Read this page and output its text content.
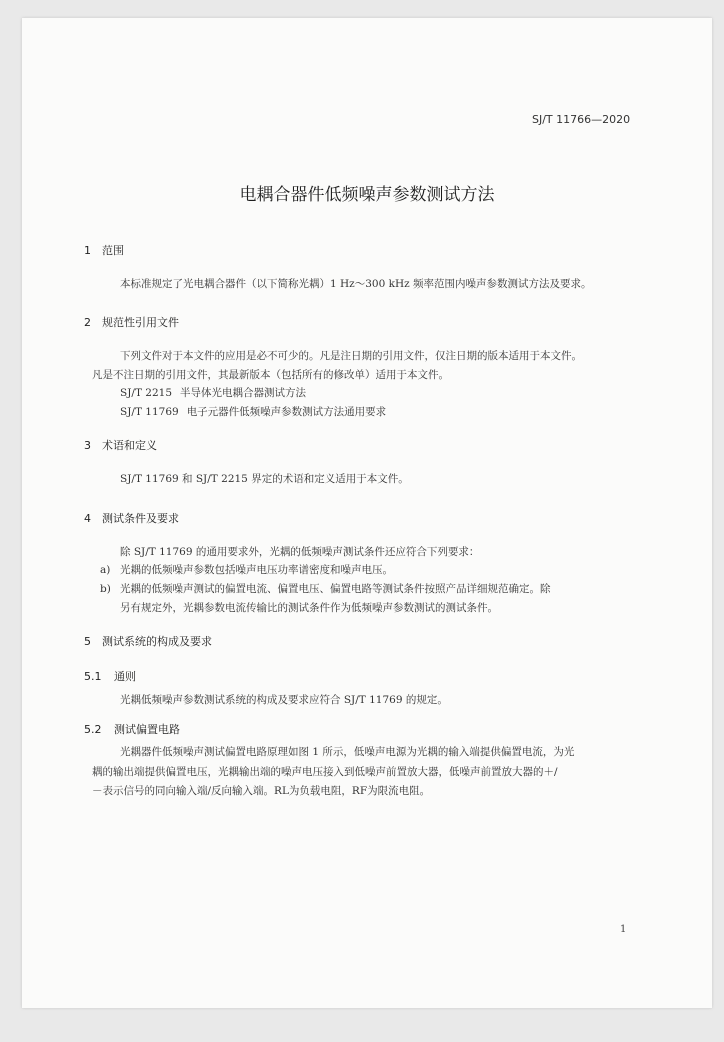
SJ/T 11766—2020
电耦合器件低频噪声参数测试方法
1 范围
本标准规定了光电耦合器件（以下简称光耦）1 Hz～300 kHz 频率范围内噪声参数测试方法及要求。
2 规范性引用文件
下列文件对于本文件的应用是必不可少的。凡是注日期的引用文件，仅注日期的版本适用于本文件。
凡是不注日期的引用文件，其最新版本（包括所有的修改单）适用于本文件。
SJ/T 2215 半导体光电耦合器测试方法
SJ/T 11769 电子元器件低频噪声参数测试方法通用要求
3 术语和定义
SJ/T 11769 和 SJ/T 2215 界定的术语和定义适用于本文件。
4 测试条件及要求
除 SJ/T 11769 的通用要求外，光耦的低频噪声测试条件还应符合下列要求：
a) 光耦的低频噪声参数包括噪声电压功率谱密度和噪声电压。
b) 光耦的低频噪声测试的偏置电流、偏置电压、偏置电路等测试条件按照产品详细规范确定。除
另有规定外，光耦参数电流传输比的测试条件作为低频噪声参数测试的测试条件。
5 测试系统的构成及要求
5.1 通则
光耦低频噪声参数测试系统的构成及要求应符合 SJ/T 11769 的规定。
5.2 测试偏置电路
光耦器件低频噪声测试偏置电路原理如图 1 所示，低噪声电源为光耦的输入端提供偏置电流，为光
耦的输出端提供偏置电压，光耦输出端的噪声电压接入到低噪声前置放大器，低噪声前置放大器的＋/
－表示信号的同向输入端/反向输入端。RL为负载电阻，RF为限流电阻。
1
